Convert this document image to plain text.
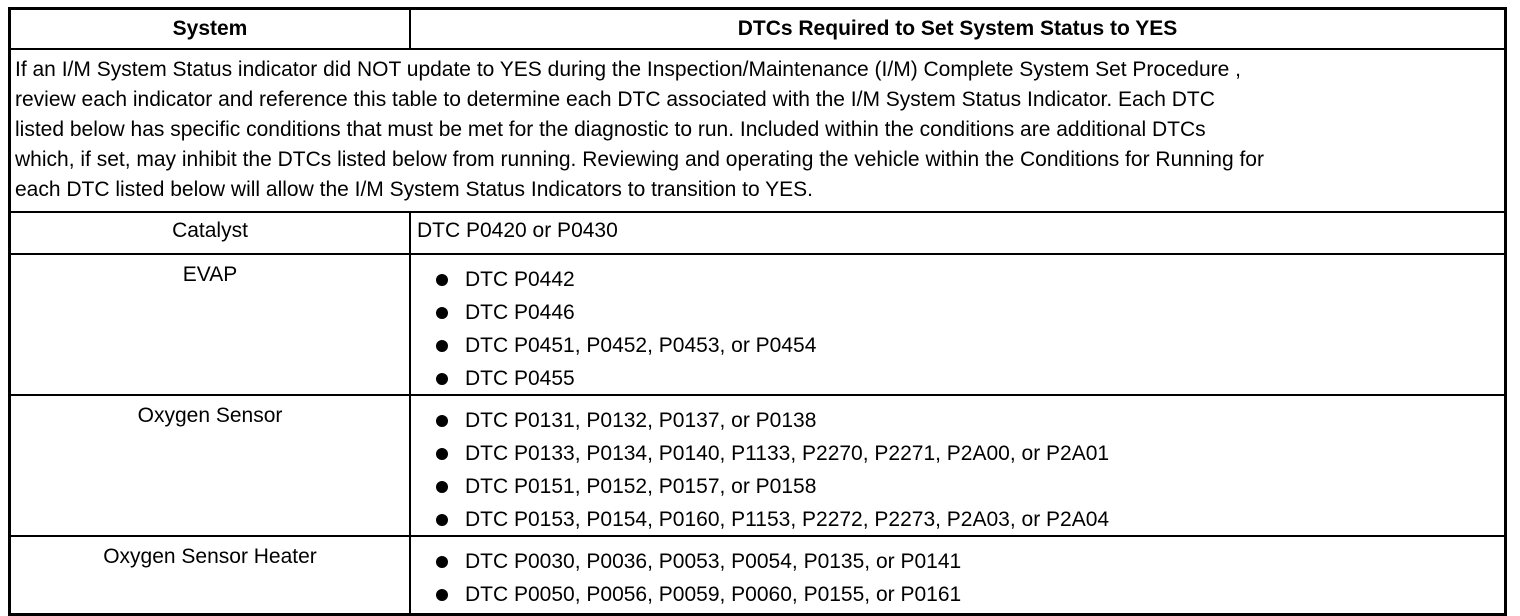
System	DTCs Required to Set System Status to YES
If an I/M System Status indicator did NOT update to YES during the Inspection/Maintenance (I/M) Complete System Set Procedure ,
review each indicator and reference this table to determine each DTC associated with the I/M System Status Indicator. Each DTC
listed below has specific conditions that must be met for the diagnostic to run. Included within the conditions are additional DTCs
which, if set, may inhibit the DTCs listed below from running. Reviewing and operating the vehicle within the Conditions for Running for
each DTC listed below will allow the I/M System Status Indicators to transition to YES.
Catalyst	DTC P0420 or P0430
EVAP	DTC P0442
DTC P0446
DTC P0451, P0452, P0453, or P0454
DTC P0455
Oxygen Sensor	DTC P0131, P0132, P0137, or P0138
DTC P0133, P0134, P0140, P1133, P2270, P2271, P2A00, or P2A01
DTC P0151, P0152, P0157, or P0158
DTC P0153, P0154, P0160, P1153, P2272, P2273, P2A03, or P2A04
Oxygen Sensor Heater	DTC P0030, P0036, P0053, P0054, P0135, or P0141
DTC P0050, P0056, P0059, P0060, P0155, or P0161
